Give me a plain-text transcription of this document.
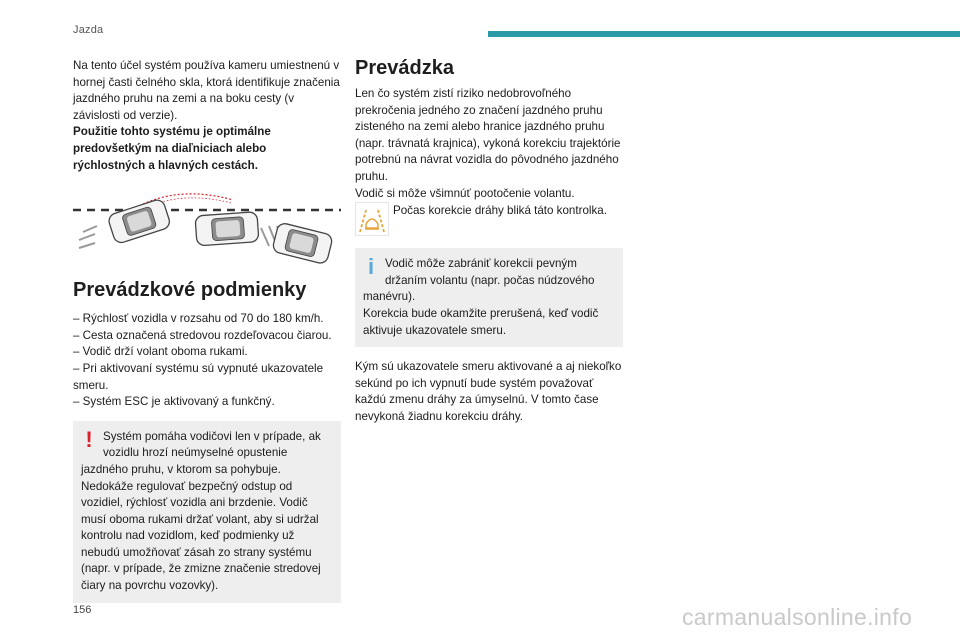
Jazda

Na tento účel systém používa kameru umiestnenú v hornej časti čelného skla, ktorá identifikuje značenia jazdného pruhu na zemi a na boku cesty (v závislosti od verzie).

Použitie tohto systému je optimálne predovšetkým na diaľniciach alebo rýchlostných a hlavných cestách.

Prevádzkové podmienky

– Rýchlosť vozidla v rozsahu od 70 do 180 km/h.

– Cesta označená stredovou rozdeľovacou čiarou.

– Vodič drží volant oboma rukami.

– Pri aktivovaní systému sú vypnuté ukazovatele smeru.

– Systém ESC je aktivovaný a funkčný.

! Systém pomáha vodičovi len v prípade, ak vozidlu hrozí neúmyselné opustenie jazdného pruhu, v ktorom sa pohybuje. Nedokáže regulovať bezpečný odstup od vozidiel, rýchlosť vozidla ani brzdenie. Vodič musí oboma rukami držať volant, aby si udržal kontrolu nad vozidlom, keď podmienky už nebudú umožňovať zásah zo strany systému (napr. v prípade, že zmizne značenie stredovej čiary na povrchu vozovky).
Prevádzka

Len čo systém zistí riziko nedobrovoľného prekročenia jedného zo značení jazdného pruhu zisteného na zemi alebo hranice jazdného pruhu (napr. trávnatá krajnica), vykoná korekciu trajektórie potrebnú na návrat vozidla do pôvodného jazdného pruhu.

Vodič si môže všimnúť pootočenie volantu.

Počas korekcie dráhy bliká táto kontrolka.

i Vodič môže zabrániť korekcii pevným držaním volantu (napr. počas núdzového manévru).

Korekcia bude okamžite prerušená, keď vodič aktivuje ukazovatele smeru.

Kým sú ukazovatele smeru aktivované a aj niekoľko sekúnd po ich vypnutí bude systém považovať každú zmenu dráhy za úmyselnú. V tomto čase nevykoná žiadnu korekciu dráhy.

156	carmanualsonline.info
